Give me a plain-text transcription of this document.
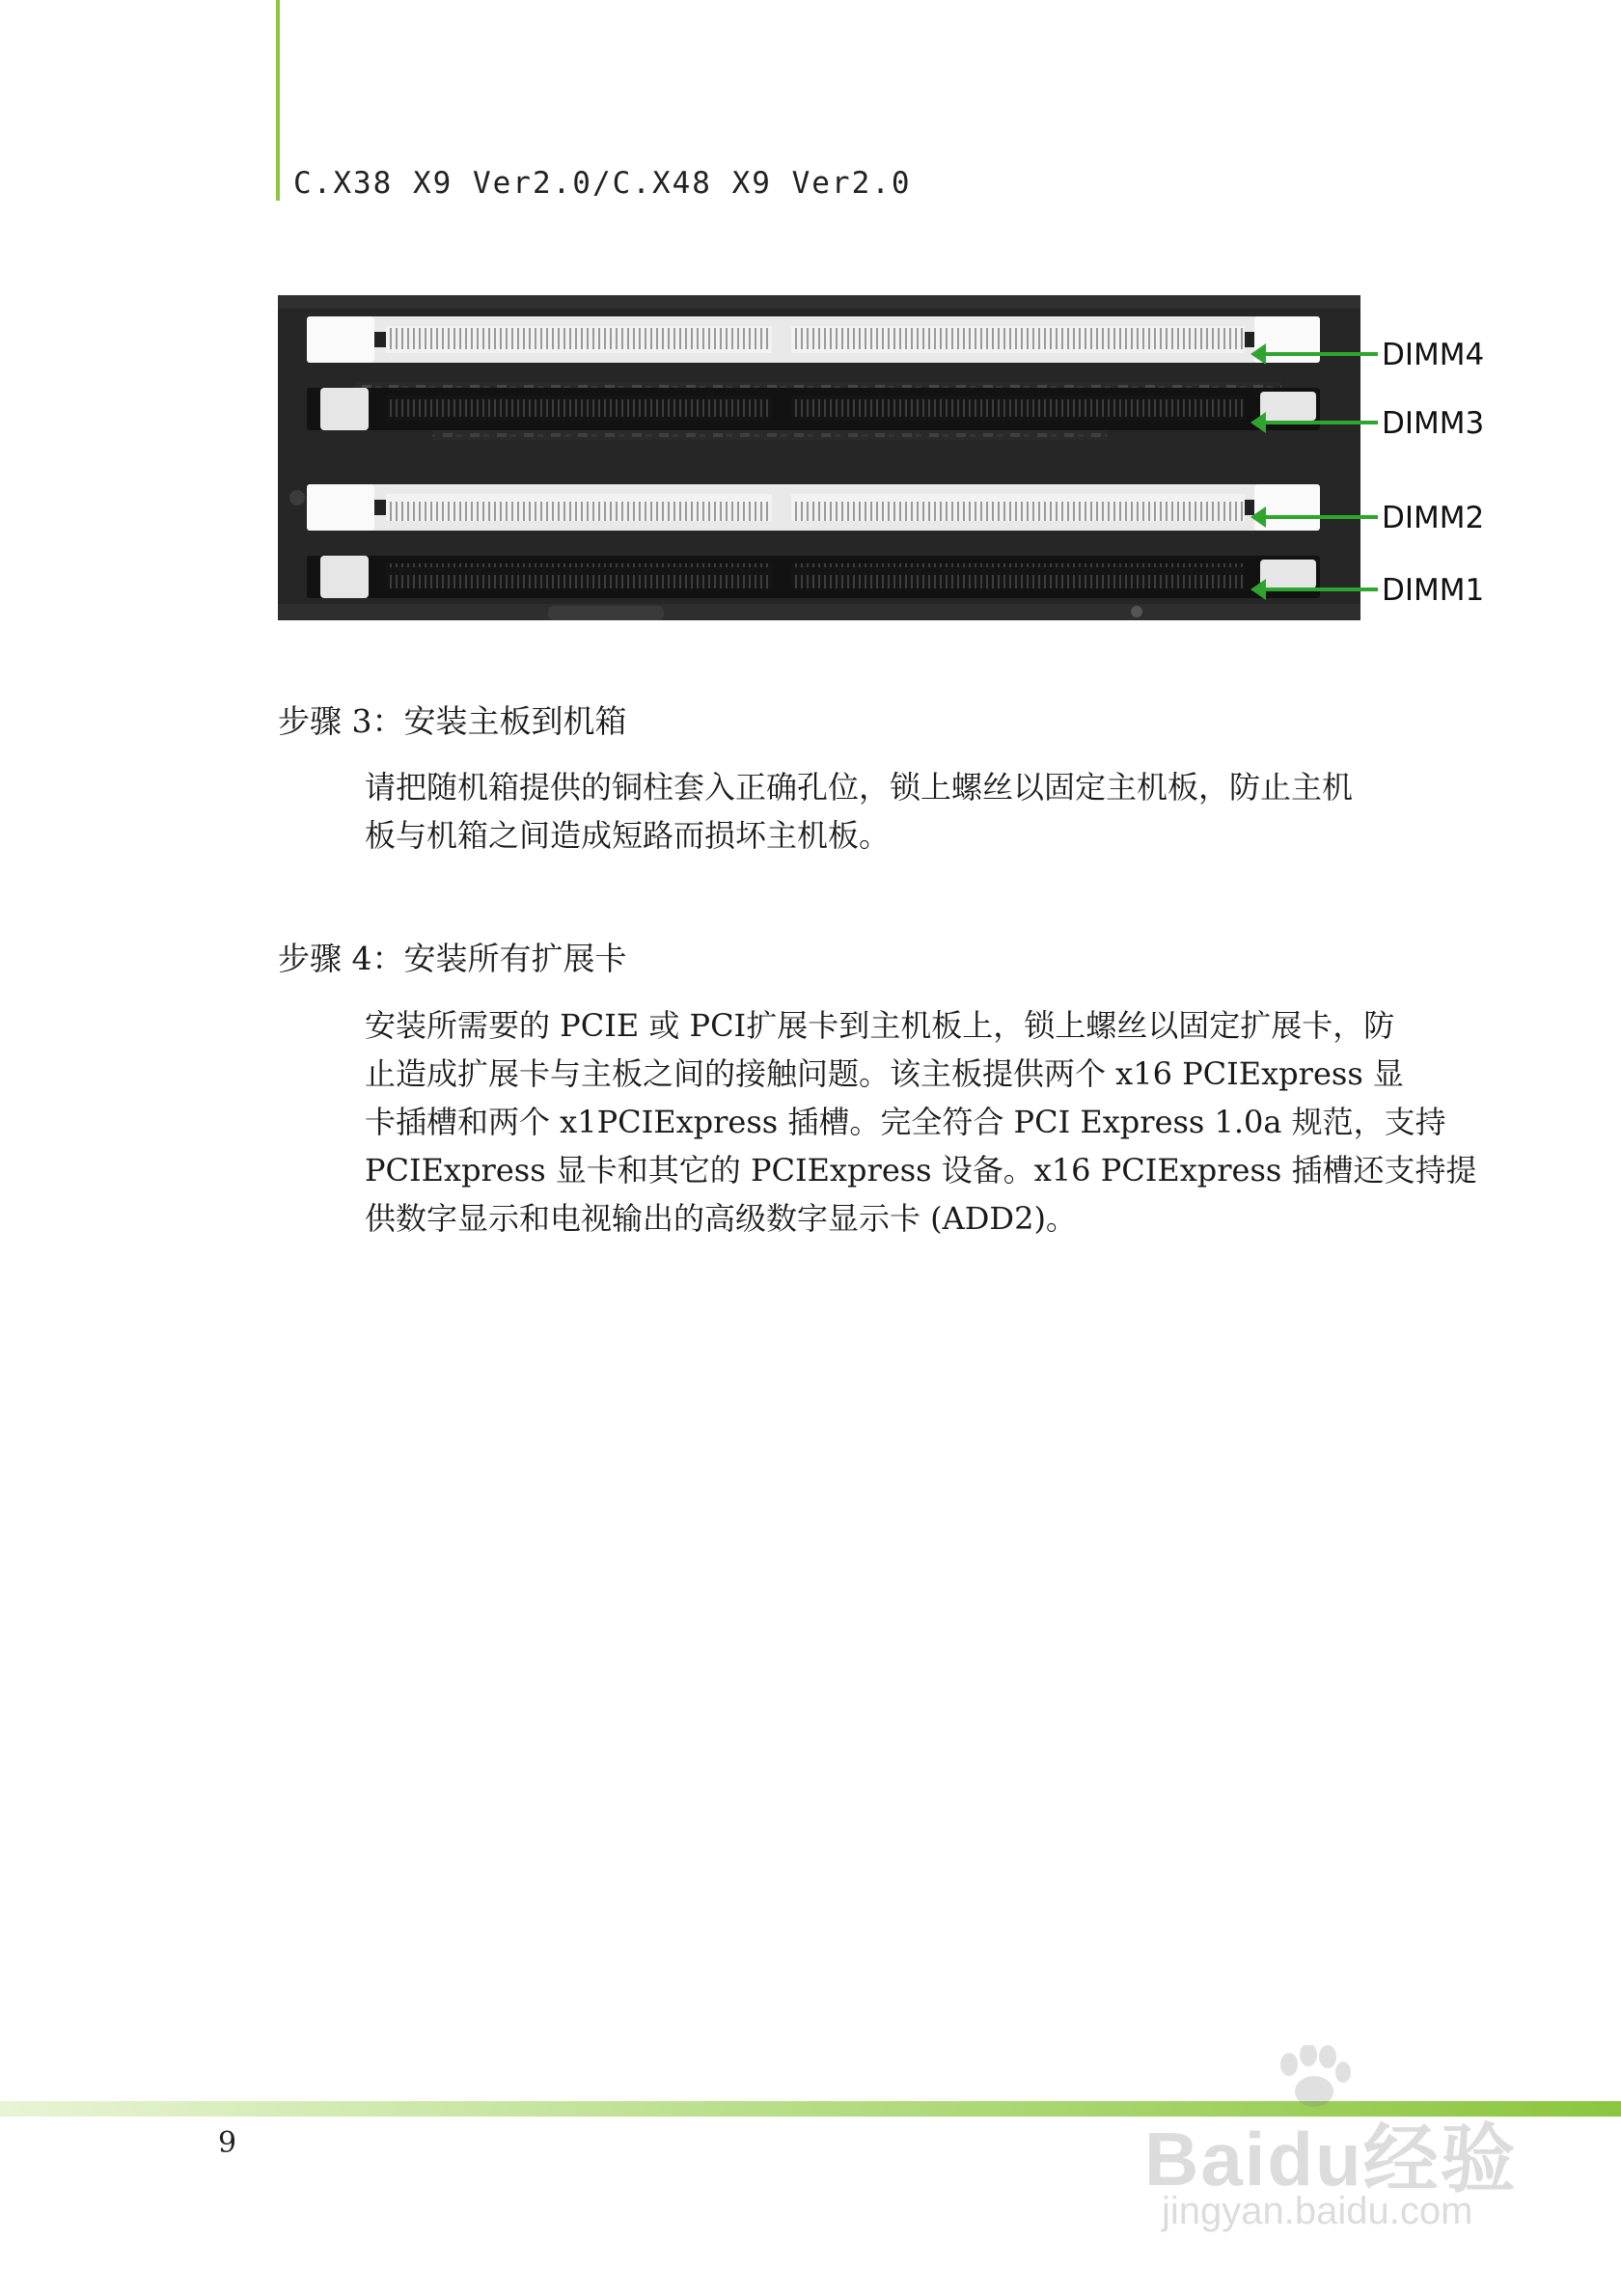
C.X38 X9 Ver2.0/C.X48 X9 Ver2.0
DIMM4
DIMM3
DIMM2
DIMM1
步骤 3：安装主板到机箱
请把随机箱提供的铜柱套入正确孔位，锁上螺丝以固定主机板，防止主机
板与机箱之间造成短路而损坏主机板。
步骤 4：安装所有扩展卡
安装所需要的 PCIE 或 PCI扩展卡到主机板上，锁上螺丝以固定扩展卡，防
止造成扩展卡与主板之间的接触问题。该主板提供两个 x16 PCIExpress 显
卡插槽和两个 x1PCIExpress 插槽。完全符合 PCI Express 1.0a 规范，支持
PCIExpress 显卡和其它的 PCIExpress 设备。x16 PCIExpress 插槽还支持提
供数字显示和电视输出的高级数字显示卡 (ADD2)。
9	Baidu经验
jingyan.baidu.com
